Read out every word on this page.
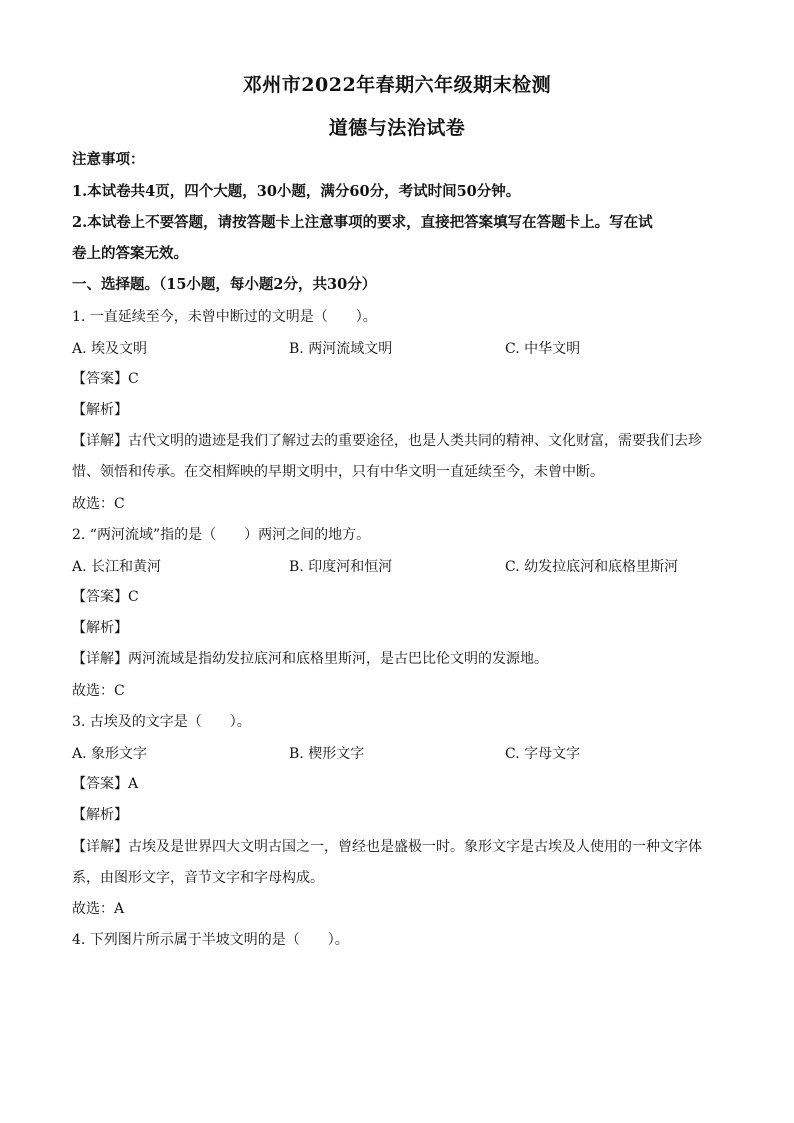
邓州市2022年春期六年级期末检测
道德与法治试卷
注意事项：
1.本试卷共4页，四个大题，30小题，满分60分，考试时间50分钟。
2.本试卷上不要答题，请按答题卡上注意事项的要求，直接把答案填写在答题卡上。写在试
卷上的答案无效。
一、选择题。（15小题，每小题2分，共30分）
1. 一直延续至今，未曾中断过的文明是（　　）。
A. 埃及文明	B. 两河流域文明	C. 中华文明
【答案】C
【解析】
【详解】古代文明的遗迹是我们了解过去的重要途径，也是人类共同的精神、文化财富，需要我们去珍
惜、领悟和传承。在交相辉映的早期文明中，只有中华文明一直延续至今，未曾中断。
故选：C
2. “两河流域”指的是（　　）两河之间的地方。
A. 长江和黄河	B. 印度河和恒河	C. 幼发拉底河和底格里斯河
【答案】C
【解析】
【详解】两河流域是指幼发拉底河和底格里斯河，是古巴比伦文明的发源地。
故选：C
3. 古埃及的文字是（　　）。
A. 象形文字	B. 楔形文字	C. 字母文字
【答案】A
【解析】
【详解】古埃及是世界四大文明古国之一，曾经也是盛极一时。象形文字是古埃及人使用的一种文字体
系，由图形文字，音节文字和字母构成。
故选：A
4. 下列图片所示属于半坡文明的是（　　）。
